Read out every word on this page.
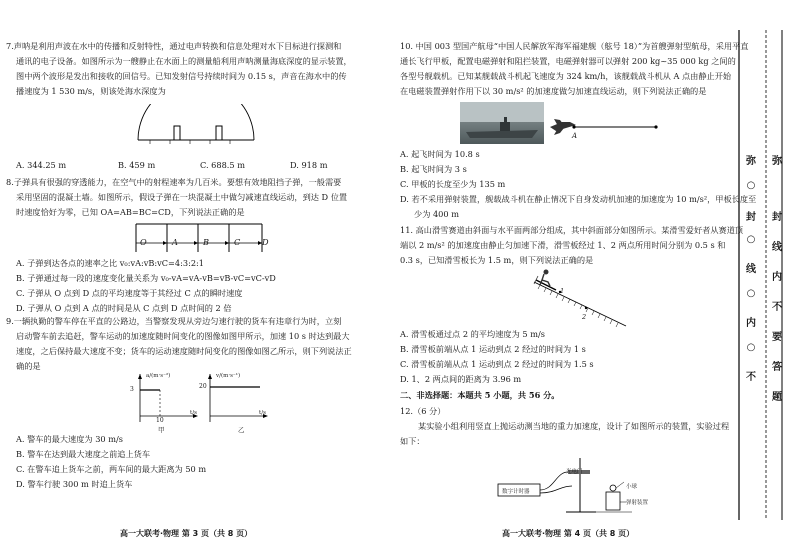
7.声呐是利用声波在水中的传播和反射特性，通过电声转换和信息处理对水下目标进行探测和
通讯的电子设备。如图所示为一艘静止在水面上的测量船利用声呐测量海底深度的显示装置，
图中两个波形是发出和接收的回信号。已知发射信号持续时间为 0.15 s，声音在海水中的传
播速度为 1 530 m/s，则该处海水深度为
A. 344.25 m	B. 459 m	C. 688.5 m	D. 918 m
8.子弹具有很强的穿透能力，在空气中的射程速率为几百米。要想有效地阻挡子弹，一般需要
采用坚固的混凝土墙。如图所示，假设子弹在一块混凝土中做匀减速直线运动，到达 D 位置
时速度恰好为零，已知 OA=AB=BC=CD，下列说法正确的是
O	A	B	C	D
A. 子弹到达各点的速率之比 v₀:vA:vB:vC=4:3:2:1
B. 子弹通过每一段的速度变化量关系为 v₀-vA=vA-vB=vB-vC=vC-vD
C. 子弹从 O 点到 D 点的平均速度等于其经过 C 点的瞬时速度
D. 子弹从 O 点到 A 点的时间是从 C 点到 D 点时间的 2 倍
9.一辆执勤的警车停在平直的公路边，当警察发现从旁边匀速行驶的货车有违章行为时，立刻
启动警车前去追赶，警车运动的加速度随时间变化的图像如图甲所示，加速 10 s 时达到最大
速度，之后保持最大速度不变；货车的运动速度随时间变化的图像如图乙所示，则下列说法正
确的是
a/(m·s⁻²)
3
10
t/s
甲
v/(m·s⁻¹)
20
t/s
乙
A. 警车的最大速度为 30 m/s
B. 警车在达到最大速度之前追上货车
C. 在警车追上货车之前，两车间的最大距离为 50 m
D. 警车行驶 300 m 时追上货车
高一大联考·物理 第 3 页（共 8 页）
10. 中国 003 型国产航母“中国人民解放军海军福建舰（舷号 18）”为首艘弹射型航母，采用平直
通长飞行甲板，配置电磁弹射和阻拦装置，电磁弹射器可以弹射 200 kg~35 000 kg 之间的
各型号舰载机。已知某舰载战斗机起飞速度为 324 km/h，该舰载战斗机从 A 点由静止开始
在电磁装置弹射作用下以 30 m/s² 的加速度做匀加速直线运动，则下列说法正确的是
A
A. 起飞时间为 10.8 s
B. 起飞时间为 3 s
C. 甲板的长度至少为 135 m
D. 若不采用弹射装置，舰载战斗机在静止情况下自身发动机加速的加速度为 10 m/s²，甲板长度至
少为 400 m
11. 高山滑雪赛道由斜面与水平面两部分组成，其中斜面部分如图所示。某滑雪爱好者从赛道顶
端以 2 m/s² 的加速度由静止匀加速下滑，滑雪板经过 1、2 两点所用时间分别为 0.5 s 和
0.3 s，已知滑雪板长为 1.5 m，则下列说法正确的是
1
2
A. 滑雪板通过点 2 的平均速度为 5 m/s
B. 滑雪板前端从点 1 运动到点 2 经过的时间为 1 s
C. 滑雪板前端从点 1 运动到点 2 经过的时间为 1.5 s
D. 1、2 两点间的距离为 3.96 m
二、非选择题：本题共 5 小题，共 56 分。
12.（6 分）
某实验小组利用竖直上抛运动测当地的重力加速度，设计了如图所示的装置，实验过程
如下：
数字计时器
光电门
小球
弹射装置
高一大联考·物理 第 4 页（共 8 页）
弥
○
封
○
线
○
内
○
不
弥
封
线
内
不
要
答
题
